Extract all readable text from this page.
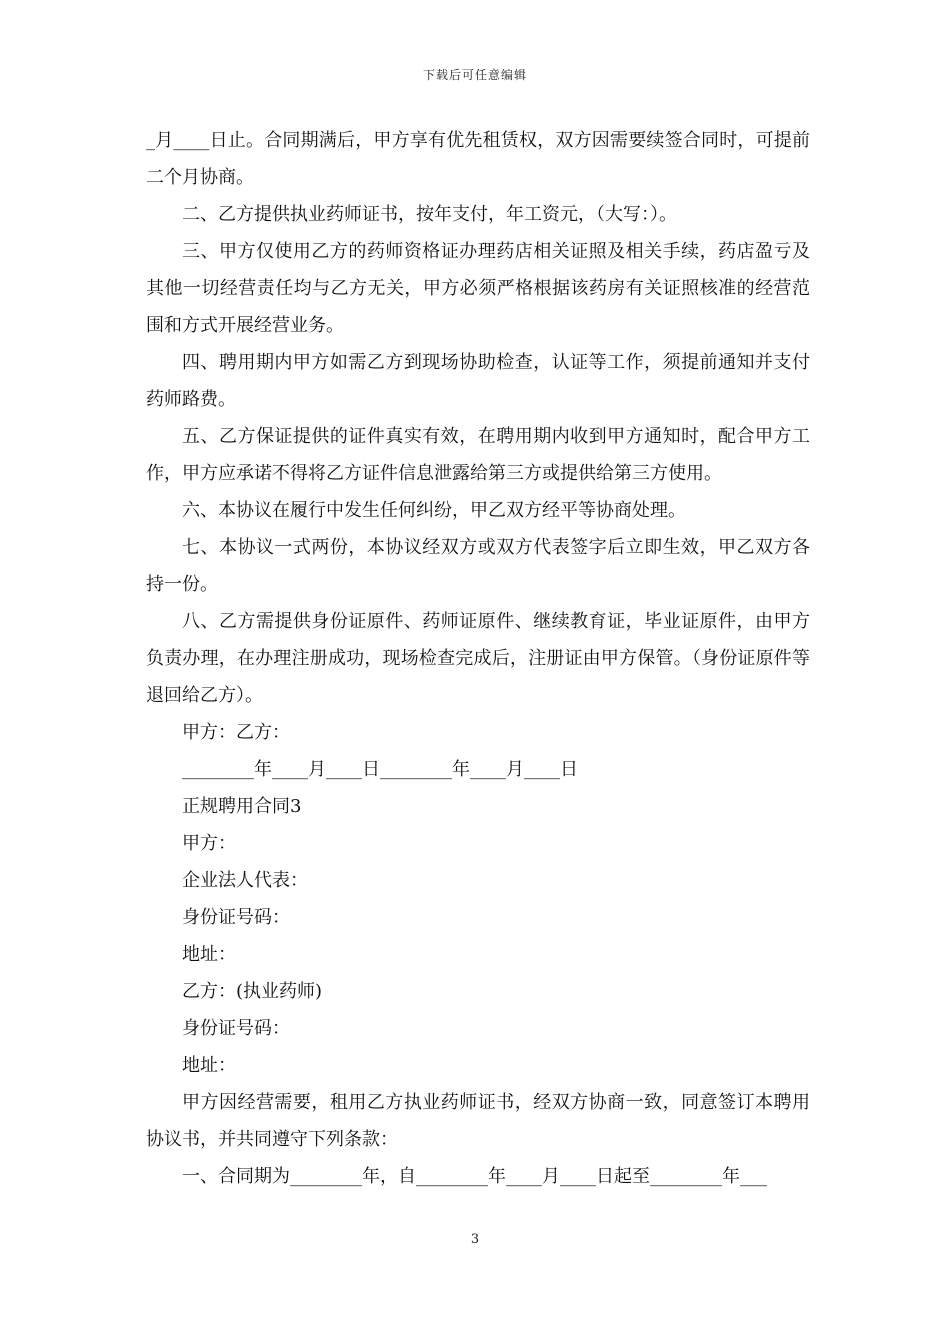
下载后可任意编辑

_月____日止。合同期满后，甲方享有优先租赁权，双方因需要续签合同时，可提前二个月协商。

二、乙方提供执业药师证书，按年支付，年工资元，（大写：）。

三、甲方仅使用乙方的药师资格证办理药店相关证照及相关手续，药店盈亏及其他一切经营责任均与乙方无关，甲方必须严格根据该药房有关证照核准的经营范围和方式开展经营业务。

四、聘用期内甲方如需乙方到现场协助检查，认证等工作，须提前通知并支付药师路费。

五、乙方保证提供的证件真实有效，在聘用期内收到甲方通知时，配合甲方工作，甲方应承诺不得将乙方证件信息泄露给第三方或提供给第三方使用。

六、本协议在履行中发生任何纠纷，甲乙双方经平等协商处理。

七、本协议一式两份，本协议经双方或双方代表签字后立即生效，甲乙双方各持一份。

八、乙方需提供身份证原件、药师证原件、继续教育证，毕业证原件，由甲方负责办理，在办理注册成功，现场检查完成后，注册证由甲方保管。（身份证原件等退回给乙方）。

甲方：乙方：

________年____月____日________年____月____日

正规聘用合同3

甲方：

企业法人代表：

身份证号码：

地址：

乙方：(执业药师)

身份证号码：

地址：

甲方因经营需要，租用乙方执业药师证书，经双方协商一致，同意签订本聘用协议书，并共同遵守下列条款：

一、合同期为________年，自________年____月____日起至________年___

3
